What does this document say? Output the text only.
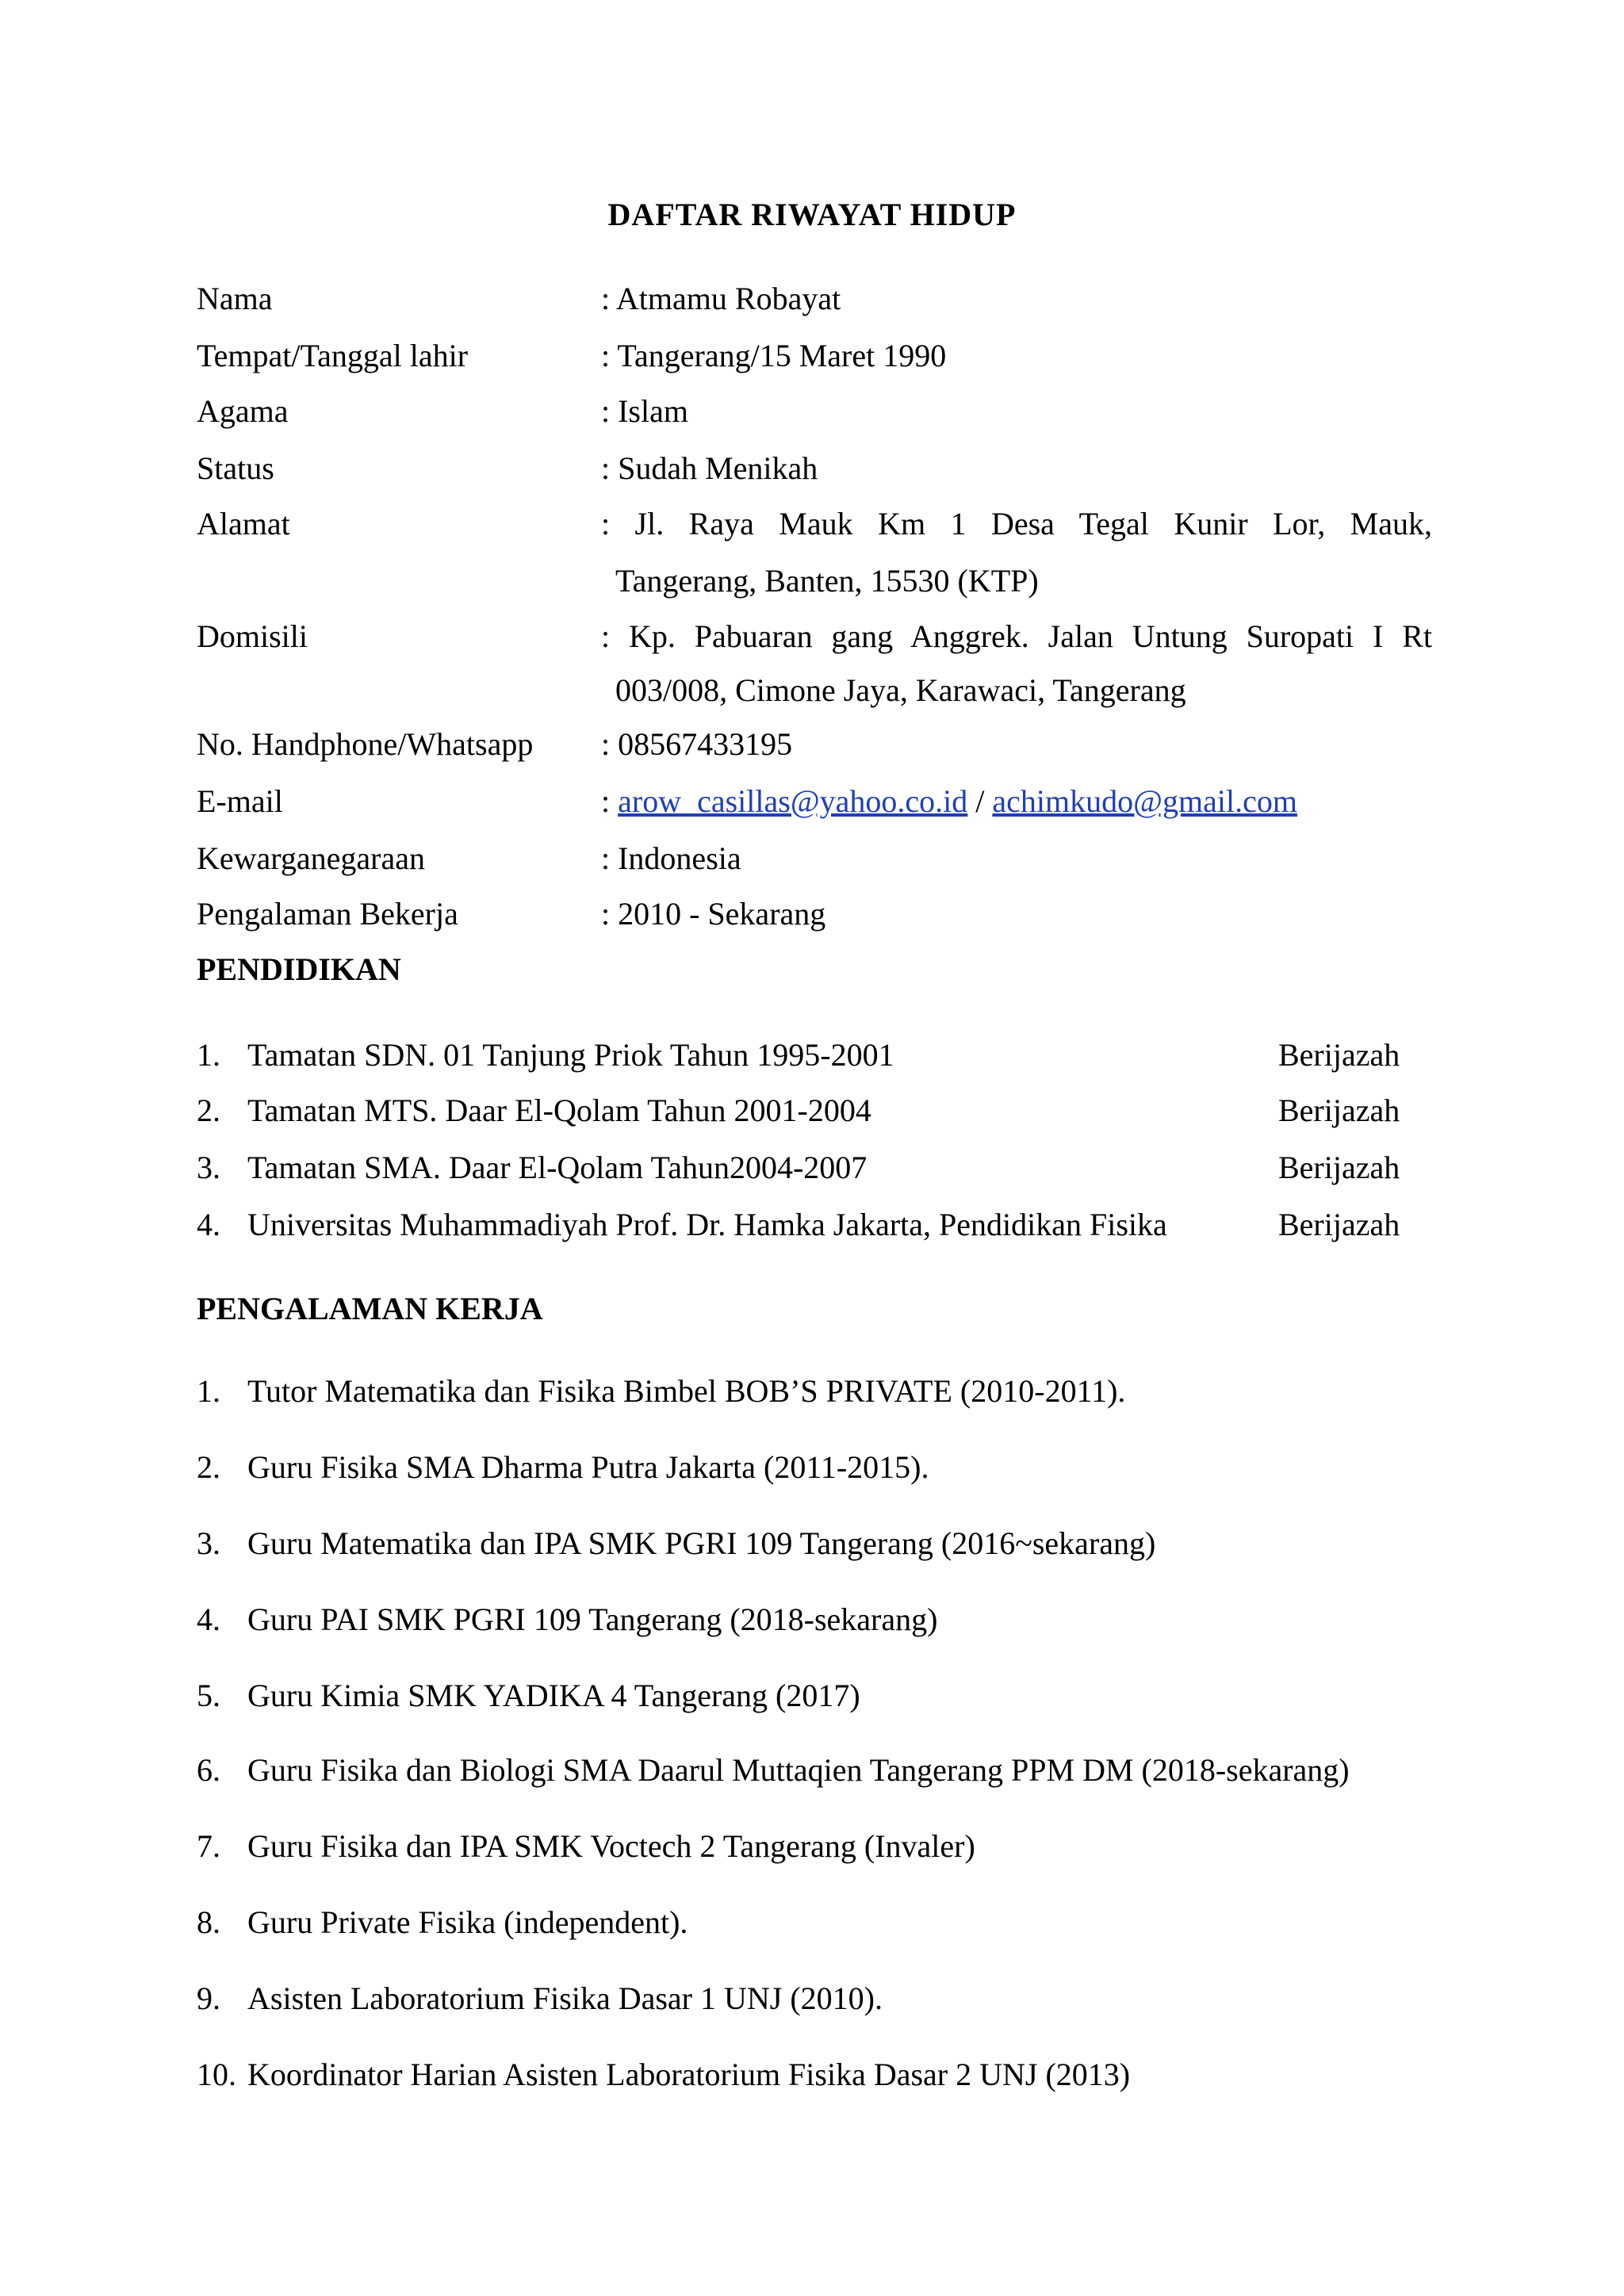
DAFTAR RIWAYAT HIDUP
Nama	: Atmamu Robayat
Tempat/Tanggal lahir	: Tangerang/15 Maret 1990
Agama	: Islam
Status	: Sudah Menikah
Alamat	: Jl. Raya Mauk Km 1 Desa Tegal Kunir Lor, Mauk,
Tangerang, Banten, 15530 (KTP)
Domisili	: Kp. Pabuaran gang Anggrek. Jalan Untung Suropati I Rt
003/008, Cimone Jaya, Karawaci, Tangerang
No. Handphone/Whatsapp : 08567433195
E-mail	: arow_casillas@yahoo.co.id / achimkudo@gmail.com
Kewarganegaraan	: Indonesia
Pengalaman Bekerja	: 2010 - Sekarang
PENDIDIKAN
1. Tamatan SDN. 01 Tanjung Priok Tahun 1995-2001	Berijazah
2. Tamatan MTS. Daar El-Qolam Tahun 2001-2004	Berijazah
3. Tamatan SMA. Daar El-Qolam Tahun2004-2007	Berijazah
4. Universitas Muhammadiyah Prof. Dr. Hamka Jakarta, Pendidikan Fisika	Berijazah
PENGALAMAN KERJA
1. Tutor Matematika dan Fisika Bimbel BOB’S PRIVATE (2010-2011).
2. Guru Fisika SMA Dharma Putra Jakarta (2011-2015).
3. Guru Matematika dan IPA SMK PGRI 109 Tangerang (2016~sekarang)
4. Guru PAI SMK PGRI 109 Tangerang (2018-sekarang)
5. Guru Kimia SMK YADIKA 4 Tangerang (2017)
6. Guru Fisika dan Biologi SMA Daarul Muttaqien Tangerang PPM DM (2018-sekarang)
7. Guru Fisika dan IPA SMK Voctech 2 Tangerang (Invaler)
8. Guru Private Fisika (independent).
9. Asisten Laboratorium Fisika Dasar 1 UNJ (2010).
10. Koordinator Harian Asisten Laboratorium Fisika Dasar 2 UNJ (2013)
